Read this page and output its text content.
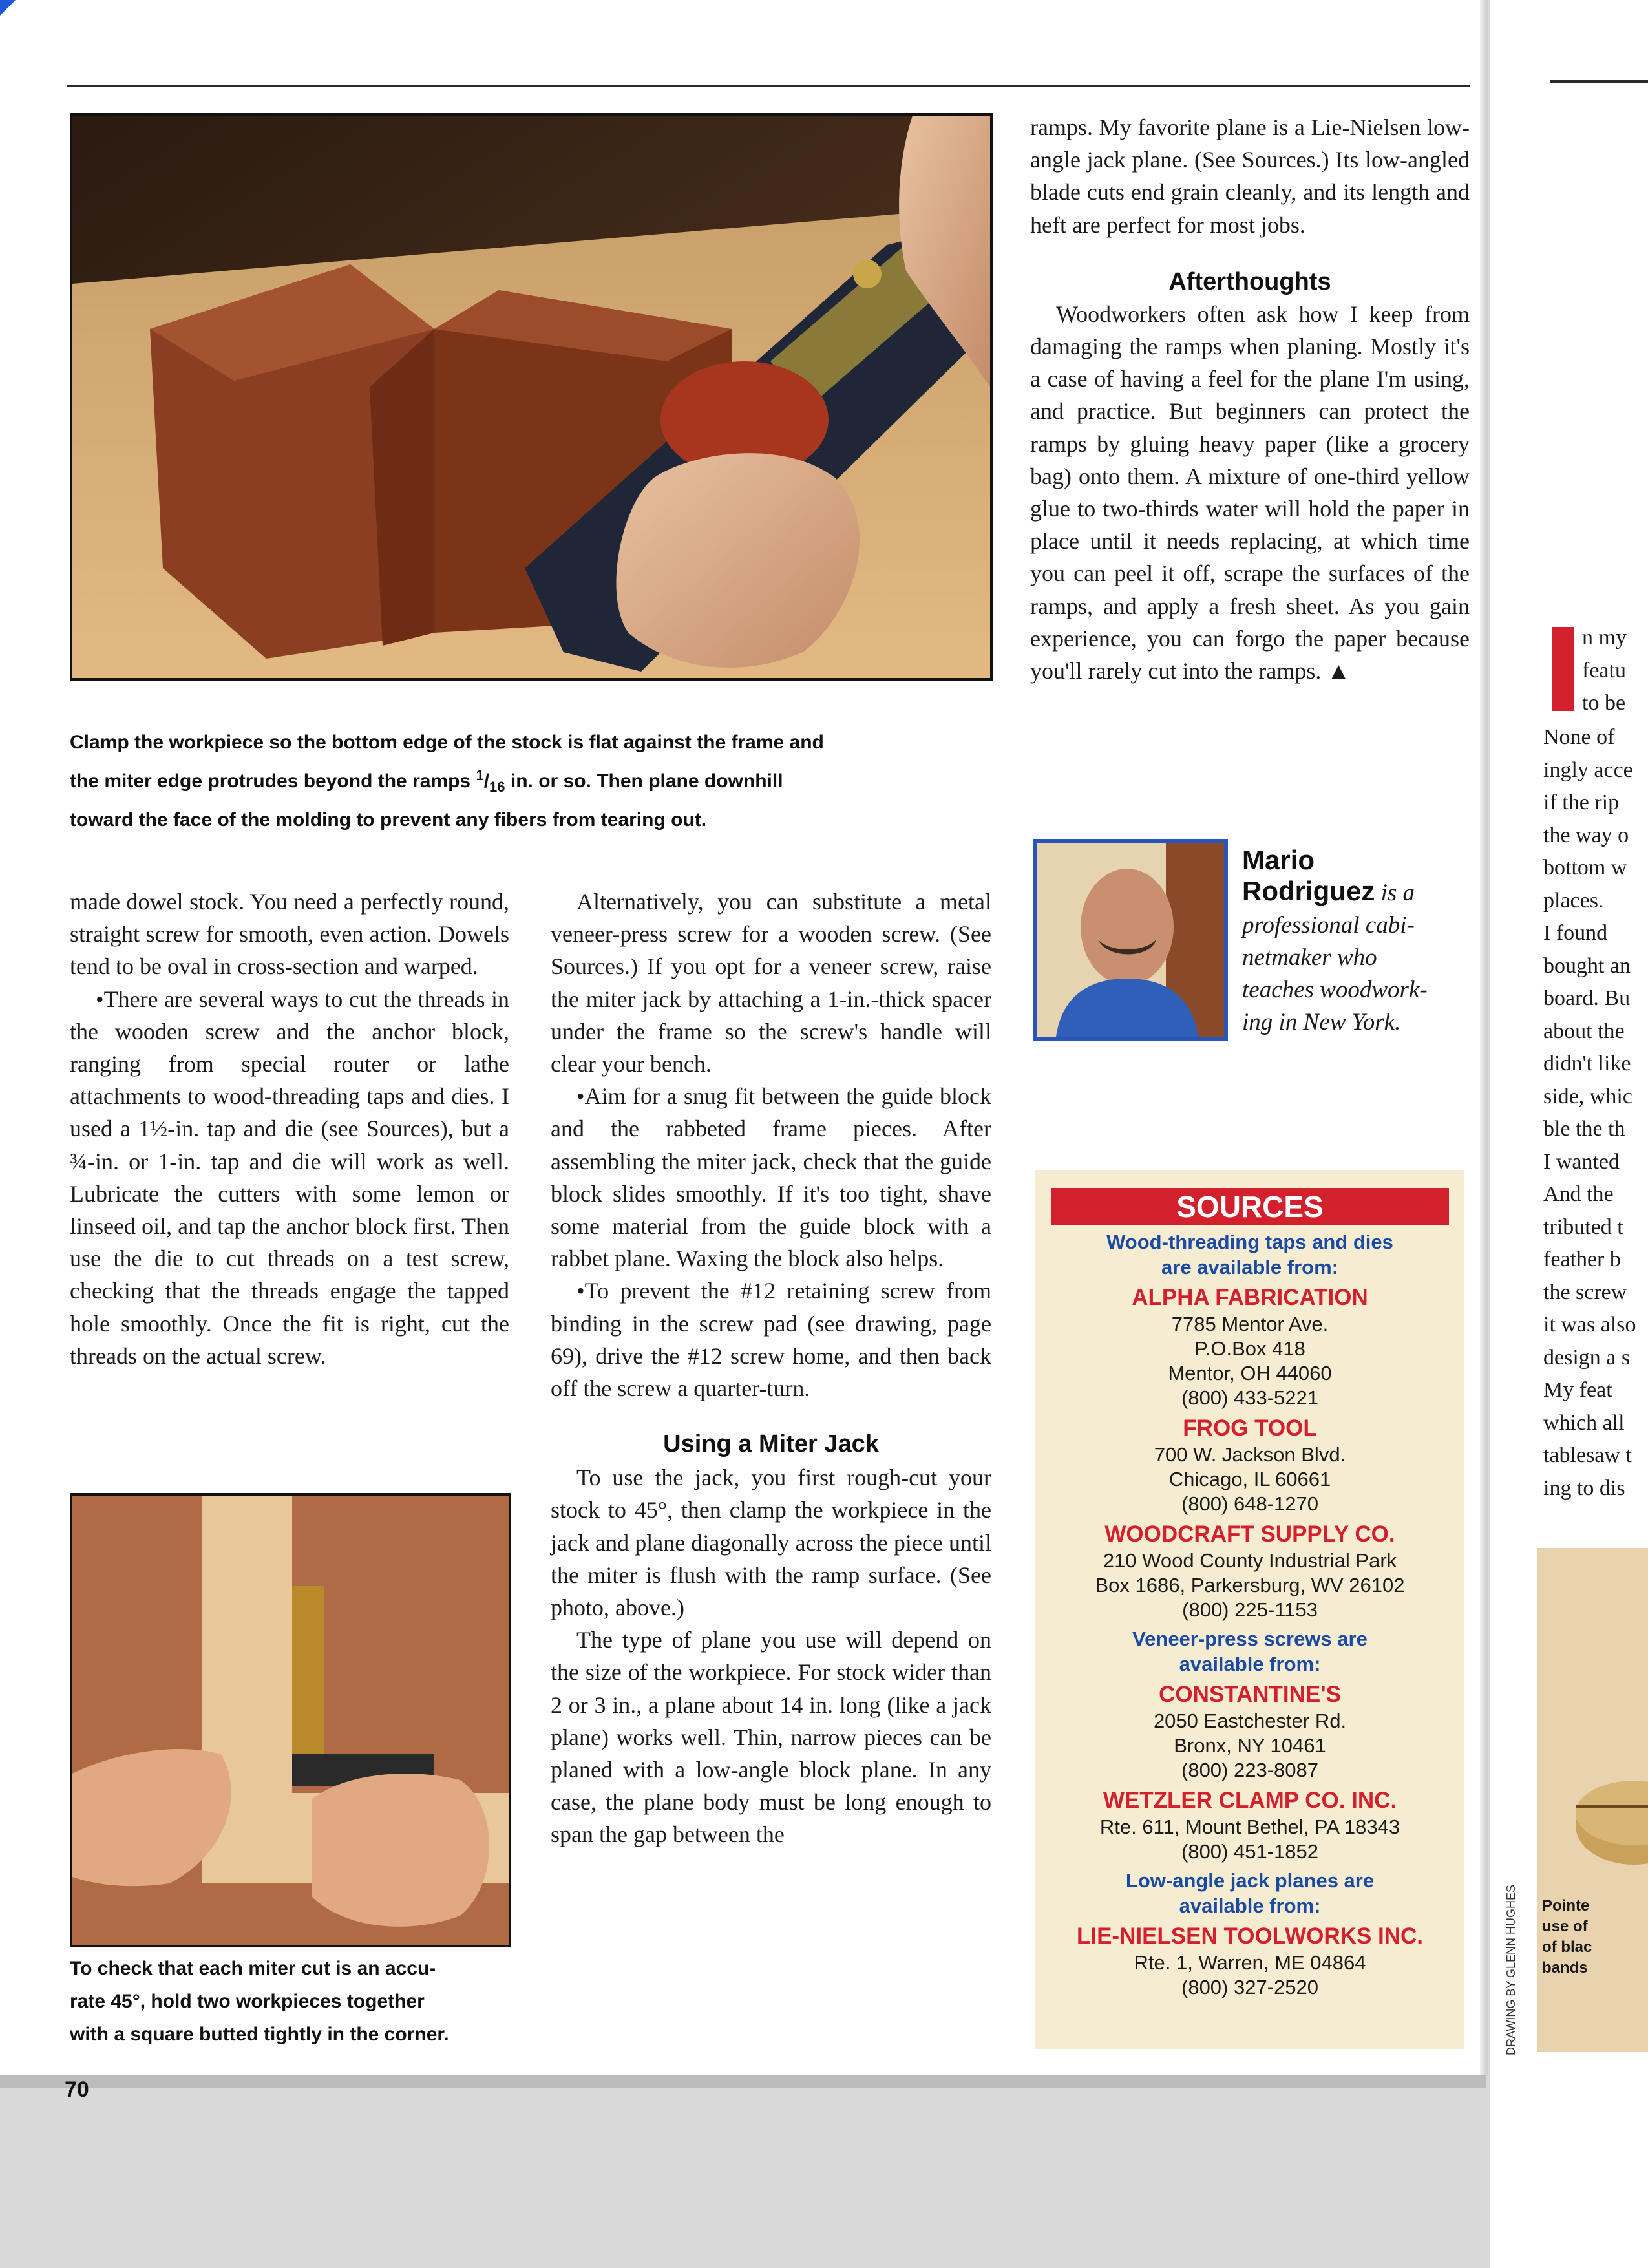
Clamp the workpiece so the bottom edge of the stock is flat against the frame and
the miter edge protrudes beyond the ramps $^1/_{16}$ in. or so. Then plane downhill
toward the face of the molding to prevent any fibers from tearing out.

made dowel stock. You need a perfectly round, straight screw for smooth, even action. Dowels tend to be oval in cross-section and warped.

•There are several ways to cut the threads in the wooden screw and the anchor block, ranging from special router or lathe attachments to wood-threading taps and dies. I used a 1½-in. tap and die (see Sources), but a ¾-in. or 1-in. tap and die will work as well. Lubricate the cutters with some lemon or linseed oil, and tap the anchor block first. Then use the die to cut threads on a test screw, checking that the threads engage the tapped hole smoothly. Once the fit is right, cut the threads on the actual screw.

To check that each miter cut is an accu-
rate 45°, hold two workpieces together
with a square butted tightly in the corner.

Alternatively, you can substitute a metal veneer-press screw for a wooden screw. (See Sources.) If you opt for a veneer screw, raise the miter jack by attaching a 1-in.-thick spacer under the frame so the screw's handle will clear your bench.

•Aim for a snug fit between the guide block and the rabbeted frame pieces. After assembling the miter jack, check that the guide block slides smoothly. If it's too tight, shave some material from the guide block with a rabbet plane. Waxing the block also helps.

•To prevent the #12 retaining screw from binding in the screw pad (see drawing, page 69), drive the #12 screw home, and then back off the screw a quarter-turn.

Using a Miter Jack

To use the jack, you first rough-cut your stock to 45°, then clamp the workpiece in the jack and plane diagonally across the piece until the miter is flush with the ramp surface. (See photo, above.)

The type of plane you use will depend on the size of the workpiece. For stock wider than 2 or 3 in., a plane about 14 in. long (like a jack plane) works well. Thin, narrow pieces can be planed with a low-angle block plane. In any case, the plane body must be long enough to span the gap between the

ramps. My favorite plane is a Lie-Nielsen low-angle jack plane. (See Sources.) Its low-angled blade cuts end grain cleanly, and its length and heft are perfect for most jobs.

Afterthoughts

Woodworkers often ask how I keep from damaging the ramps when planing. Mostly it's a case of having a feel for the plane I'm using, and practice. But beginners can protect the ramps by gluing heavy paper (like a grocery bag) onto them. A mixture of one-third yellow glue to two-thirds water will hold the paper in place until it needs replacing, at which time you can peel it off, scrape the surfaces of the ramps, and apply a fresh sheet. As you gain experience, you can forgo the paper because you'll rarely cut into the ramps. ▲

Mario
Rodriguez is a
professional cabi-
netmaker who
teaches woodwork-
ing in New York.
SOURCES
Wood-threading taps and dies
are available from:
ALPHA FABRICATION
7785 Mentor Ave.
P.O.Box 418
Mentor, OH 44060
(800) 433-5221
FROG TOOL
700 W. Jackson Blvd.
Chicago, IL 60661
(800) 648-1270
WOODCRAFT SUPPLY CO.
210 Wood County Industrial Park
Box 1686, Parkersburg, WV 26102
(800) 225-1153
Veneer-press screws are
available from:
CONSTANTINE'S
2050 Eastchester Rd.
Bronx, NY 10461
(800) 223-8087
WETZLER CLAMP CO. INC.
Rte. 611, Mount Bethel, PA 18343
(800) 451-1852
Low-angle jack planes are
available from:
LIE-NIELSEN TOOLWORKS INC.
Rte. 1, Warren, ME 04864
(800) 327-2520
70
n my
featu
to be
None of
ingly acce
if the rip
the way o
bottom w
places.
I found
bought an
board. Bu
about the
didn't like
side, whic
ble the th
I wanted
And the
tributed t
feather b
the screw
it was also
design a s
My feat
which all
tablesaw t
ing to dis
Pointe
use of
of blac
bands
DRAWING BY GLENN HUGHES
